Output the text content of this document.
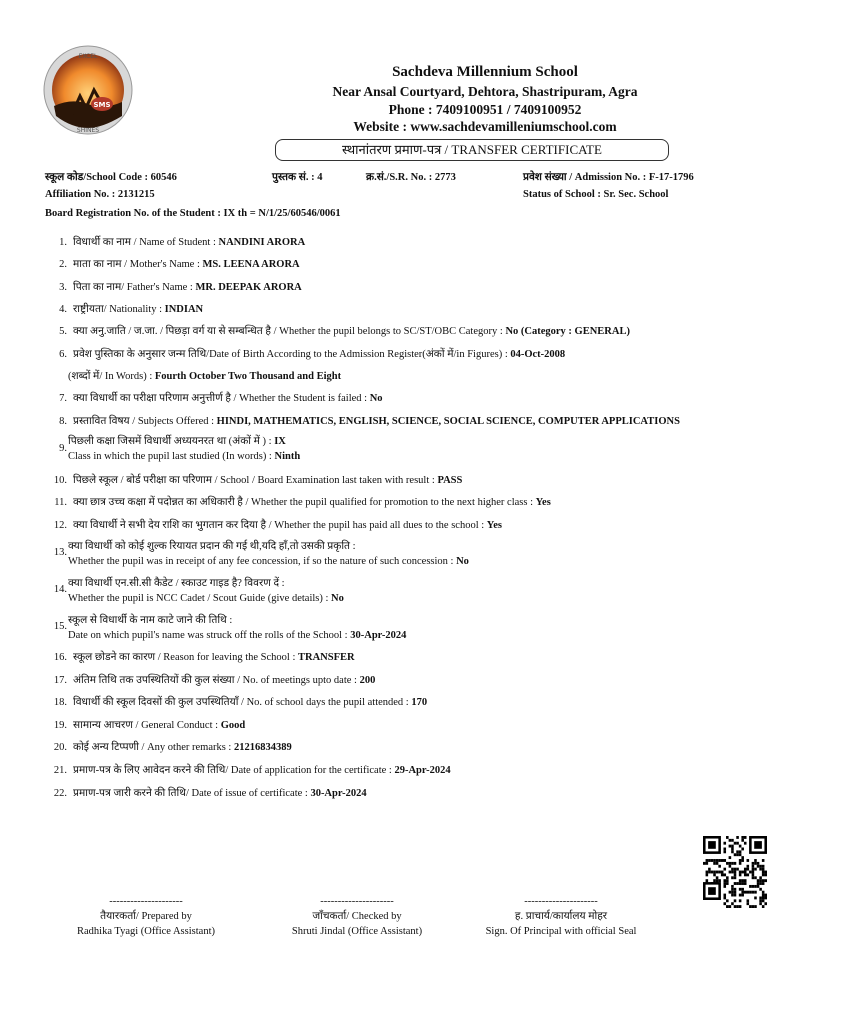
SMS
EXCEL
SHINES
Sachdeva Millennium School
Near Ansal Courtyard, Dehtora, Shastripuram, Agra
Phone : 7409100951 / 7409100952
Website : www.sachdevamilleniumschool.com
स्थानांतरण प्रमाण-पत्र / TRANSFER CERTIFICATE
स्कूल कोड/School Code : 60546	पुस्तक सं. : 4	क्र.सं./S.R. No. : 2773	प्रवेश संख्या / Admission No. : F-17-1796
Affiliation No. : 2131215	Status of School : Sr. Sec. School
Board Registration No. of the Student : IX th = N/1/25/60546/0061
1. विधार्थी का नाम / Name of Student : NANDINI ARORA
2. माता का नाम / Mother's Name : MS. LEENA ARORA
3. पिता का नाम/ Father's Name : MR. DEEPAK ARORA
4. राष्ट्रीयता/ Nationality : INDIAN
5. क्या अनु.जाति / ज.जा. / पिछड़ा वर्ग या से सम्बन्धित है / Whether the pupil belongs to SC/ST/OBC Category : No (Category : GENERAL)
6. प्रवेश पुस्तिका के अनुसार जन्म तिथि/Date of Birth According to the Admission Register(अंकों में/in Figures) : 04-Oct-2008
(शब्दों में/ In Words) : Fourth October Two Thousand and Eight
7. क्या विधार्थी का परीक्षा परिणाम अनुत्तीर्ण है / Whether the Student is failed : No
8. प्रस्तावित विषय / Subjects Offered : HINDI, MATHEMATICS, ENGLISH, SCIENCE, SOCIAL SCIENCE, COMPUTER APPLICATIONS
9.
पिछली कक्षा जिसमें विधार्थी अध्ययनरत था (अंकों में ) : IX
Class in which the pupil last studied (In words) : Ninth
10. पिछले स्कूल / बोर्ड परीक्षा का परिणाम / School / Board Examination last taken with result : PASS
11. क्या छात्र उच्च कक्षा में पदोन्नत का अधिकारी है / Whether the pupil qualified for promotion to the next higher class : Yes
12. क्या विधार्थी ने सभी देय राशि का भुगतान कर दिया है / Whether the pupil has paid all dues to the school : Yes
13.
क्या विधार्थी को कोई शुल्क रियायत प्रदान की गई थी,यदि हाँ,तो उसकी प्रकृति :
Whether the pupil was in receipt of any fee concession, if so the nature of such concession : No
14.
क्या विधार्थी एन.सी.सी कैडेट / स्काउट गाइड है? विवरण दें :
Whether the pupil is NCC Cadet / Scout Guide (give details) : No
15.
स्कूल से विधार्थी के नाम काटे जाने की तिथि :
Date on which pupil's name was struck off the rolls of the School : 30-Apr-2024
16. स्कूल छोडने का कारण / Reason for leaving the School : TRANSFER
17. अंतिम तिथि तक उपस्थितियों की कुल संख्या / No. of meetings upto date : 200
18. विधार्थी की स्कूल दिवसों की कुल उपस्थितियाँ / No. of school days the pupil attended : 170
19. सामान्य आचरण / General Conduct : Good
20. कोई अन्य टिप्पणी / Any other remarks : 21216834389
21. प्रमाण-पत्र के लिए आवेदन करने की तिथि/ Date of application for the certificate : 29-Apr-2024
22. प्रमाण-पत्र जारी करने की तिथि/ Date of issue of certificate : 30-Apr-2024
---------------------
तैयारकर्ता/ Prepared by
Radhika Tyagi (Office Assistant)
---------------------
जाँचकर्ता/ Checked by
Shruti Jindal (Office Assistant)
---------------------
ह. प्राचार्य/कार्यालय मोहर
Sign. Of Principal with official Seal
